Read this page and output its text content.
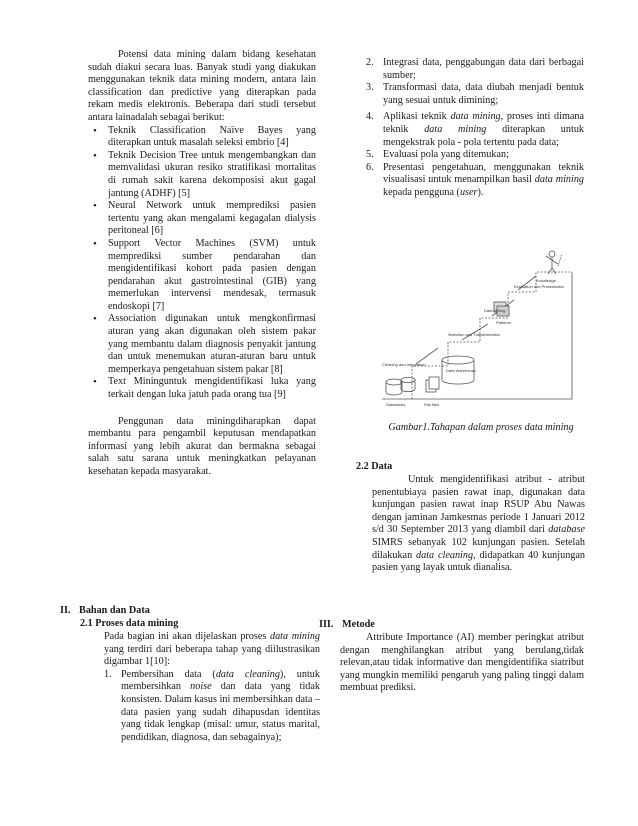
Potensi data mining dalam bidang kesehatan sudah diakui secara luas. Banyak studi yang diakukan menggunakan teknik data mining modern, antara lain classification dan predictive yang diterapkan pada rekam medis elektronis. Beberapa dari studi tersebut antara lainadalah sebagai berikut:

• Teknik Classification Naïve Bayes yang diterapkan untuk masalah seleksi embrio [4]
• Teknik Decision Tree untuk mengembangkan dan memvalidasi ukuran resiko stratifikasi mortalitas di rumah sakit karena dekomposisi akut gagal jantung (ADHF) [5]
• Neural Network untuk memprediksi pasien tertentu yang akan mengalami kegagalan dialysis peritoneal [6]
• Support Vector Machines (SVM) untuk memprediksi sumber pendarahan dan mengidentifikasi kohort pada pasien dengan pendarahan akut gastrointestinal (GIB) yang memerlukan intervensi mendesak, termasuk endoskopi [7]
• Association digunakan untuk mengkonfirmasi aturan yang akan digunakan oleh sistem pakar yang membantu dalam diagnosis penyakit jantung dan untuk menemukan aturan-aturan baru untuk memperkaya pengetahuan sistem pakar [8]
• Text Mininguntuk mengidentifikasi luka yang terkait dengan luka jatuh pada orang tua [9]

Penggunan data miningdiharapkan dapat membantu para pengambil keputusan mendapatkan informasi yang lebih akurat dan bermakna sebagai salah satu sarana untuk meningkatkan pelayanan kesehatan kepada masyarakat.

II. Bahan dan Data
2.1 Proses data mining

Pada bagian ini akan dijelaskan proses data mining yang terdiri dari beberapa tahap yang diilustrasikan digambar 1[10]:

1. Pembersihan data (data cleaning), untuk membersihkan noise dan data yang tidak konsisten. Dalam kasus ini membersihkan data – data pasien yang sudah dihapusdan identitas yang tidak lengkap (misal: umur, status marital, pendidikan, diagnosa, dan sebagainya);
2. Integrasi data, penggabungan data dari berbagai sumber;
3. Transformasi data, data diubah menjadi bentuk yang sesuai untuk dimining;
4. Aplikasi teknik data mining, proses inti dimana teknik data mining diterapkan untuk mengekstrak pola - pola tertentu pada data;
5. Evaluasi pola yang ditemukan;
6. Presentasi pengetahuan, menggunakan teknik visualisasi untuk menampilkan hasil data mining kepada pengguna (user).
Evaluation and Presentation
Knowledge
Data Mining
Patterns
Selection and Transformation
Data Warehouse
Cleaning and Integration
Databases	Flat files
Gambar1.Tahapan dalam proses data mining
2.2 Data
Untuk mengidentifikasi atribut - atribut penentubiaya pasien rawat inap, digunakan data kunjungan pasien rawat inap RSUP Abu Nawas dengan jaminan Jamkesmas periode 1 Januari 2012 s/d 30 September 2013 yang diambil dari database SIMRS sebanyak 102 kunjungan pasien. Setelah dilakukan data cleaning, didapatkan 40 kunjungan pasien yang layak untuk dianalisa.
III. Metode
Attribute Importance (AI) member peringkat atribut dengan menghilangkan atribut yang berulang,tidak relevan,atau tidak informative dan mengidentifika siatribut yang mungkin memiliki pengaruh yang paling tinggi dalam membuat prediksi.
